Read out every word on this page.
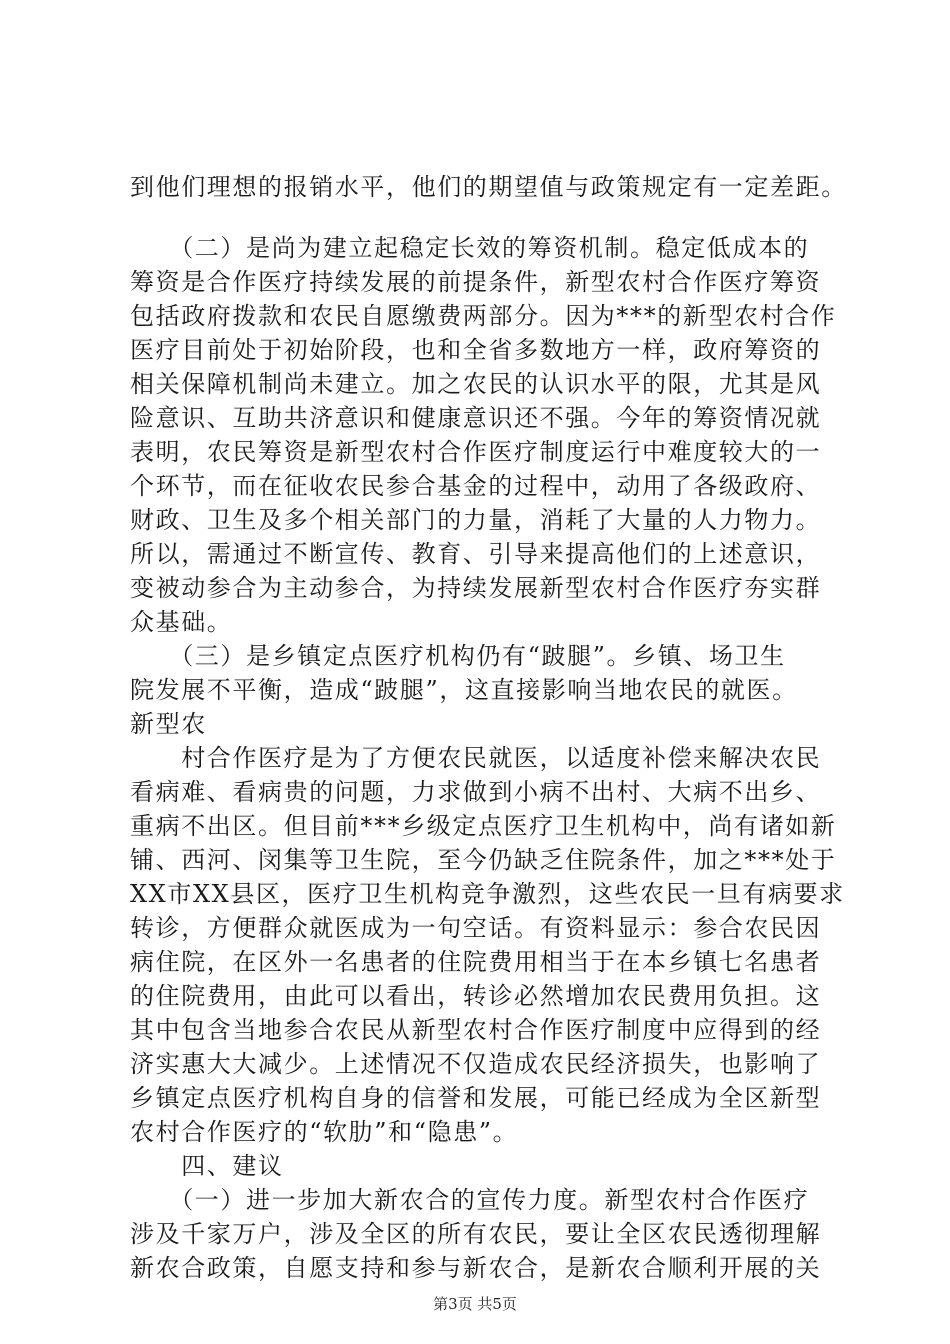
到他们理想的报销水平，他们的期望值与政策规定有一定差距。
　　（二）是尚为建立起稳定长效的筹资机制。稳定低成本的
筹资是合作医疗持续发展的前提条件，新型农村合作医疗筹资
包括政府拨款和农民自愿缴费两部分。因为***的新型农村合作
医疗目前处于初始阶段，也和全省多数地方一样，政府筹资的
相关保障机制尚未建立。加之农民的认识水平的限，尤其是风
险意识、互助共济意识和健康意识还不强。今年的筹资情况就
表明，农民筹资是新型农村合作医疗制度运行中难度较大的一
个环节，而在征收农民参合基金的过程中，动用了各级政府、
财政、卫生及多个相关部门的力量，消耗了大量的人力物力。
所以，需通过不断宣传、教育、引导来提高他们的上述意识，
变被动参合为主动参合，为持续发展新型农村合作医疗夯实群
众基础。
　　（三）是乡镇定点医疗机构仍有“跛腿”。乡镇、场卫生
院发展不平衡，造成“跛腿”，这直接影响当地农民的就医。
新型农
　　村合作医疗是为了方便农民就医，以适度补偿来解决农民
看病难、看病贵的问题，力求做到小病不出村、大病不出乡、
重病不出区。但目前***乡级定点医疗卫生机构中，尚有诸如新
铺、西河、闵集等卫生院，至今仍缺乏住院条件，加之***处于
XX市XX县区，医疗卫生机构竞争激烈，这些农民一旦有病要求
转诊，方便群众就医成为一句空话。有资料显示：参合农民因
病住院，在区外一名患者的住院费用相当于在本乡镇七名患者
的住院费用，由此可以看出，转诊必然增加农民费用负担。这
其中包含当地参合农民从新型农村合作医疗制度中应得到的经
济实惠大大减少。上述情况不仅造成农民经济损失，也影响了
乡镇定点医疗机构自身的信誉和发展，可能已经成为全区新型
农村合作医疗的“软肋”和“隐患”。
　　四、建议
　　（一）进一步加大新农合的宣传力度。新型农村合作医疗
涉及千家万户，涉及全区的所有农民，要让全区农民透彻理解
新农合政策，自愿支持和参与新农合，是新农合顺利开展的关
第3页 共5页
